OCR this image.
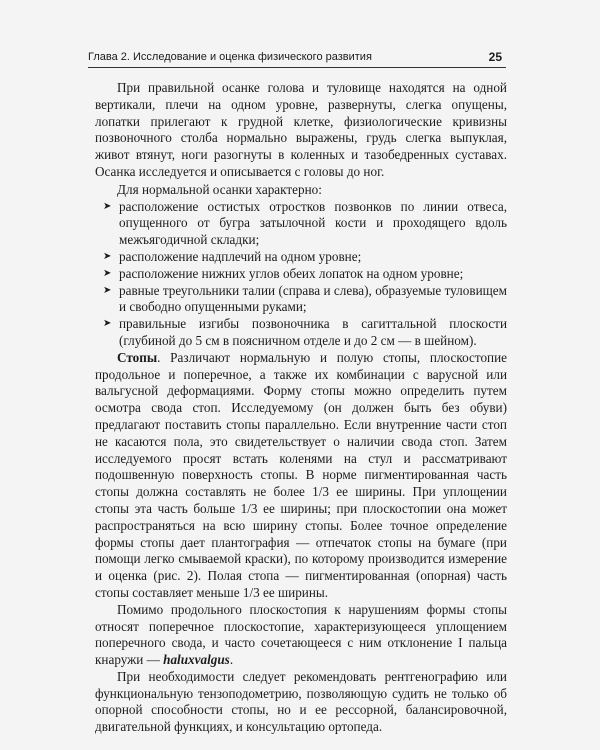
Глава 2. Исследование и оценка физического развития	25

При правильной осанке голова и туловище находятся на одной вертикали, плечи на одном уровне, развернуты, слегка опущены, лопатки прилегают к грудной клетке, физиологические кривизны позвоночного столба нормально выражены, грудь слегка выпуклая, живот втянут, ноги разогнуты в коленных и тазобедренных суставах. Осанка исследуется и описывается с головы до ног.

Для нормальной осанки характерно:

➤ расположение остистых отростков позвонков по линии отвеса, опущенного от бугра затылочной кости и проходящего вдоль межъягодичной складки;
➤ расположение надплечий на одном уровне;
➤ расположение нижних углов обеих лопаток на одном уровне;
➤ равные треугольники талии (справа и слева), образуемые туловищем и свободно опущенными руками;
➤ правильные изгибы позвоночника в сагиттальной плоскости (глубиной до 5 см в поясничном отделе и до 2 см — в шейном).

Стопы. Различают нормальную и полую стопы, плоскостопие продольное и поперечное, а также их комбинации с варусной или вальгусной деформациями. Форму стопы можно определить путем осмотра свода стоп. Исследуемому (он должен быть без обуви) предлагают поставить стопы параллельно. Если внутренние части стоп не касаются пола, это свидетельствует о наличии свода стоп. Затем исследуемого просят встать коленями на стул и рассматривают подошвенную поверхность стопы. В норме пигментированная часть стопы должна составлять не более 1/3 ее ширины. При уплощении стопы эта часть больше 1/3 ее ширины; при плоскостопии она может распространяться на всю ширину стопы. Более точное определение формы стопы дает плантография — отпечаток стопы на бумаге (при помощи легко смываемой краски), по которому производится измерение и оценка (рис. 2). Полая стопа — пигментированная (опорная) часть стопы составляет меньше 1/3 ее ширины.

Помимо продольного плоскостопия к нарушениям формы стопы относят поперечное плоскостопие, характеризующееся уплощением поперечного свода, и часто сочетающееся с ним отклонение I пальца кнаружи — haluxvalgus.

При необходимости следует рекомендовать рентгенографию или функциональную тензоподометрию, позволяющую судить не только об опорной способности стопы, но и ее рессорной, балансировочной, двигательной функциях, и консультацию ортопеда.
